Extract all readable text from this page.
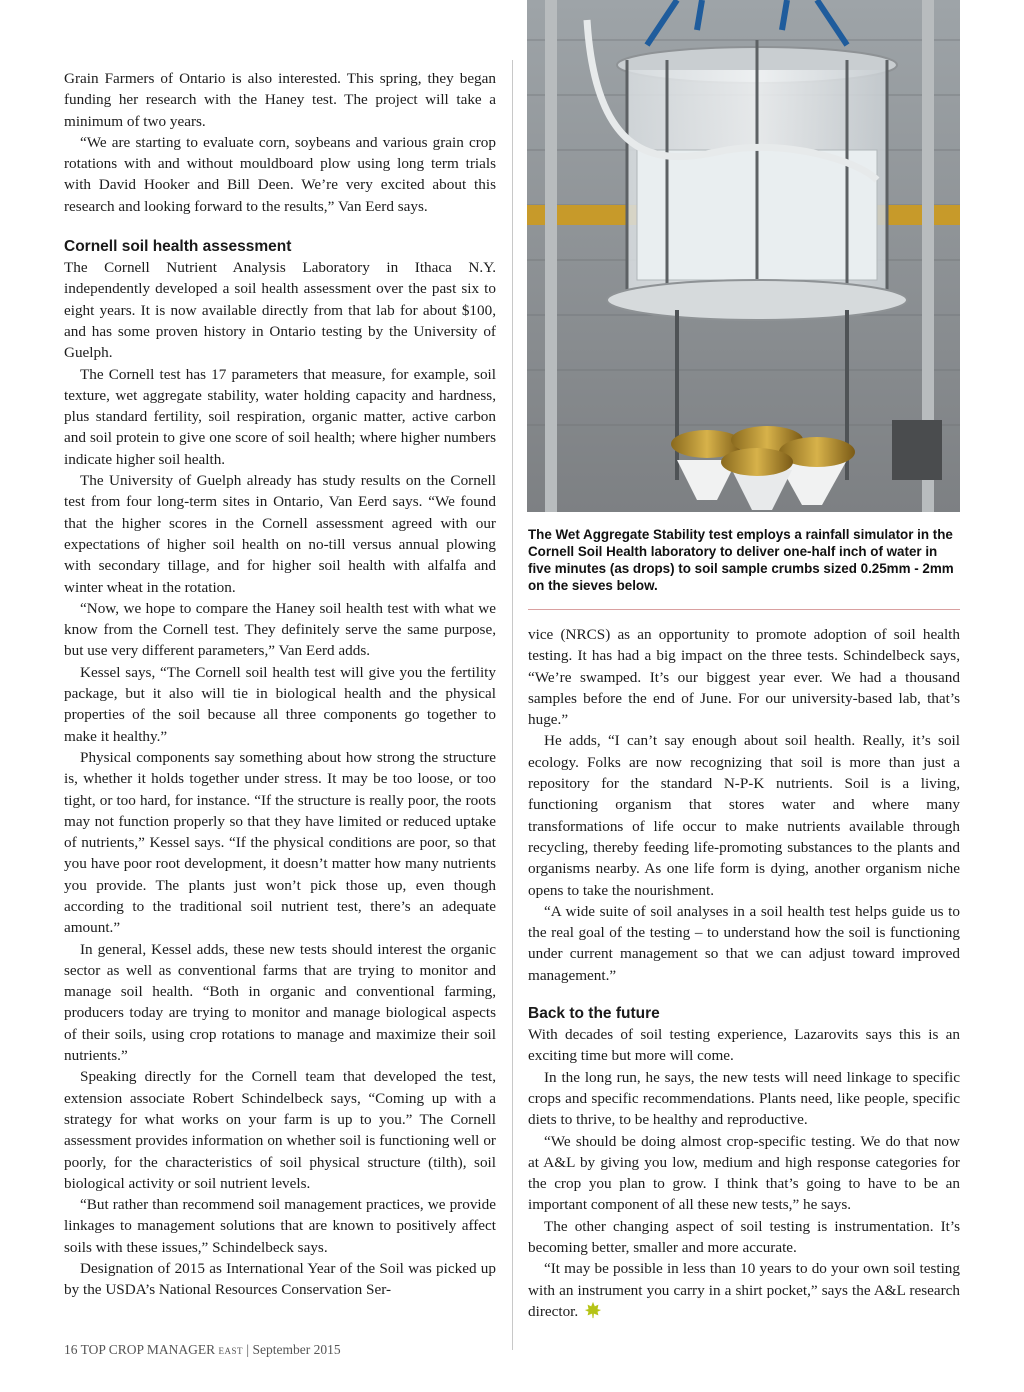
Grain Farmers of Ontario is also interested. This spring, they began funding her research with the Haney test. The project will take a minimum of two years.

“We are starting to evaluate corn, soybeans and various grain crop rotations with and without mouldboard plow using long term trials with David Hooker and Bill Deen. We’re very excited about this research and looking forward to the results,” Van Eerd says.

Cornell soil health assessment

The Cornell Nutrient Analysis Laboratory in Ithaca N.Y. independently developed a soil health assessment over the past six to eight years. It is now available directly from that lab for about $100, and has some proven history in Ontario testing by the University of Guelph.

The Cornell test has 17 parameters that measure, for example, soil texture, wet aggregate stability, water holding capacity and hardness, plus standard fertility, soil respiration, organic matter, active carbon and soil protein to give one score of soil health; where higher numbers indicate higher soil health.

The University of Guelph already has study results on the Cornell test from four long-term sites in Ontario, Van Eerd says. “We found that the higher scores in the Cornell assessment agreed with our expectations of higher soil health on no-till versus annual plowing with secondary tillage, and for higher soil health with alfalfa and winter wheat in the rotation.

“Now, we hope to compare the Haney soil health test with what we know from the Cornell test. They definitely serve the same purpose, but use very different parameters,” Van Eerd adds.

Kessel says, “The Cornell soil health test will give you the fertility package, but it also will tie in biological health and the physical properties of the soil because all three components go together to make it healthy.”

Physical components say something about how strong the structure is, whether it holds together under stress. It may be too loose, or too tight, or too hard, for instance. “If the structure is really poor, the roots may not function properly so that they have limited or reduced uptake of nutrients,” Kessel says. “If the physical conditions are poor, so that you have poor root development, it doesn’t matter how many nutrients you provide. The plants just won’t pick those up, even though according to the traditional soil nutrient test, there’s an adequate amount.”

In general, Kessel adds, these new tests should interest the organic sector as well as conventional farms that are trying to monitor and manage soil health. “Both in organic and conventional farming, producers today are trying to monitor and manage biological aspects of their soils, using crop rotations to manage and maximize their soil nutrients.”

Speaking directly for the Cornell team that developed the test, extension associate Robert Schindelbeck says, “Coming up with a strategy for what works on your farm is up to you.” The Cornell assessment provides information on whether soil is functioning well or poorly, for the characteristics of soil physical structure (tilth), soil biological activity or soil nutrient levels.

“But rather than recommend soil management practices, we provide linkages to management solutions that are known to positively affect soils with these issues,” Schindelbeck says.

Designation of 2015 as International Year of the Soil was picked up by the USDA’s National Resources Conservation Ser-

The Wet Aggregate Stability test employs a rainfall simulator in the Cornell Soil Health laboratory to deliver one-half inch of water in five minutes (as drops) to soil sample crumbs sized 0.25mm - 2mm on the sieves below.

vice (NRCS) as an opportunity to promote adoption of soil health testing. It has had a big impact on the three tests. Schindelbeck says, “We’re swamped. It’s our biggest year ever. We had a thousand samples before the end of June. For our university-based lab, that’s huge.”

He adds, “I can’t say enough about soil health. Really, it’s soil ecology. Folks are now recognizing that soil is more than just a repository for the standard N-P-K nutrients. Soil is a living, functioning organism that stores water and where many transformations of life occur to make nutrients available through recycling, thereby feeding life-promoting substances to the plants and organisms nearby. As one life form is dying, another organism niche opens to take the nourishment.

“A wide suite of soil analyses in a soil health test helps guide us to the real goal of the testing – to understand how the soil is functioning under current management so that we can adjust toward improved management.”

Back to the future

With decades of soil testing experience, Lazarovits says this is an exciting time but more will come.

In the long run, he says, the new tests will need linkage to specific crops and specific recommendations. Plants need, like people, specific diets to thrive, to be healthy and reproductive.

“We should be doing almost crop-specific testing. We do that now at A&L by giving you low, medium and high response categories for the crop you plan to grow. I think that’s going to have to be an important component of all these new tests,” he says.

The other changing aspect of soil testing is instrumentation. It’s becoming better, smaller and more accurate.

“It may be possible in less than 10 years to do your own soil testing with an instrument you carry in a shirt pocket,” says the A&L research director.

16 TOP CROP MANAGER EAST | September 2015
